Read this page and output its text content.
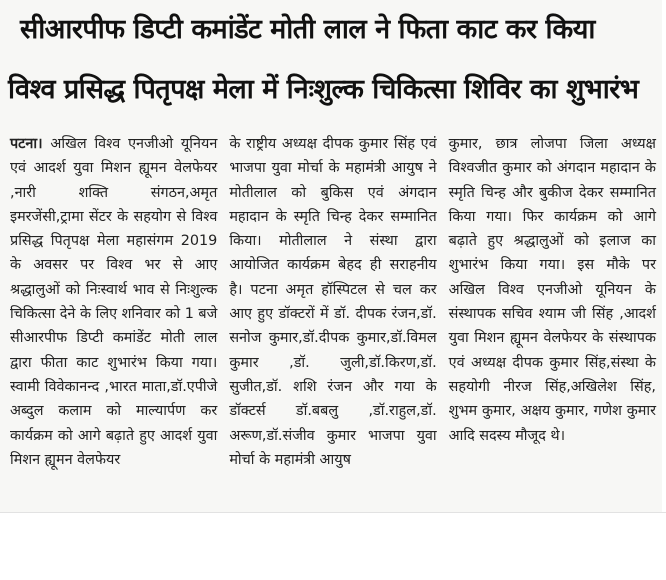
सीआरपीफ डिप्टी कमांडेंट मोती लाल ने फिता काट कर किया
विश्व प्रसिद्ध पितृपक्ष मेला में निःशुल्क चिकित्सा शिविर का शुभारंभ

पटना। अखिल विश्व एनजीओ यूनियन एवं आदर्श युवा मिशन ह्यूमन वेलफेयर ,नारी शक्ति संगठन,अमृत इमरजेंसी,ट्रामा सेंटर के सहयोग से विश्व प्रसिद्ध पितृपक्ष मेला महासंगम 2019 के अवसर पर विश्व भर से आए श्रद्धालुओं को निःस्वार्थ भाव से निःशुल्क चिकित्सा देने के लिए शनिवार को 1 बजे सीआरपीफ डिप्टी कमांडेंट मोती लाल द्वारा फीता काट शुभारंभ किया गया। स्वामी विवेकानन्द ,भारत माता,डॉ.एपीजे अब्दुल कलाम को माल्यार्पण कर कार्यक्रम को आगे बढ़ाते हुए आदर्श युवा मिशन ह्यूमन वेलफेयर

के राष्ट्रीय अध्यक्ष दीपक कुमार सिंह एवं भाजपा युवा मोर्चा के महामंत्री आयुष ने मोतीलाल को बुकिस एवं अंगदान महादान के स्मृति चिन्ह देकर सम्मानित किया। मोतीलाल ने संस्था द्वारा आयोजित कार्यक्रम बेहद ही सराहनीय है। पटना अमृत हॉस्पिटल से चल कर आए हुए डॉक्टरों में डॉ. दीपक रंजन,डॉ. सनोज कुमार,डॉ.दीपक कुमार,डॉ.विमल कुमार ,डॉ. जुली,डॉ.किरण,डॉ. सुजीत,डॉ. शशि रंजन और गया के डॉक्टर्स डॉ.बबलु ,डॉ.राहुल,डॉ. अरूण,डॉ.संजीव कुमार भाजपा युवा मोर्चा के महामंत्री आयुष

कुमार, छात्र लोजपा जिला अध्यक्ष विश्वजीत कुमार को अंगदान महादान के स्मृति चिन्ह और बुकीज देकर सम्मानित किया गया। फिर कार्यक्रम को आगे बढ़ाते हुए श्रद्धालुओं को इलाज का शुभारंभ किया गया। इस मौके पर अखिल विश्व एनजीओ यूनियन के संस्थापक सचिव श्याम जी सिंह ,आदर्श युवा मिशन ह्यूमन वेलफेयर के संस्थापक एवं अध्यक्ष दीपक कुमार सिंह,संस्था के सहयोगी नीरज सिंह,अखिलेश सिंह, शुभम कुमार, अक्षय कुमार, गणेश कुमार आदि सदस्य मौजूद थे।
